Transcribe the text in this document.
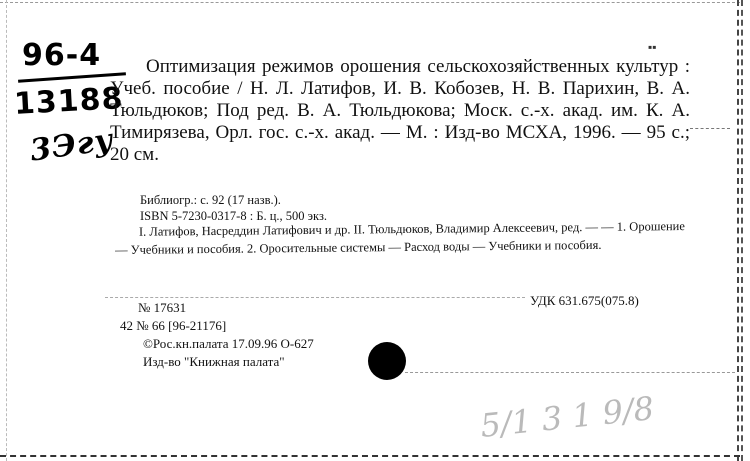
96-4
13188
3Эгу
Оптимизация режимов орошения сельскохозяйственных культур : Учеб. пособие / Н. Л. Латифов, И. В. Кобозев, Н. В. Парихин, В. А. Тюльдюков; Под ред. В. А. Тюльдюкова; Моск. с.-х. акад. им. К. А. Тимирязева, Орл. гос. с.-х. акад. — М. : Изд-во МСХА, 1996. — 95 с.; 20 см.
Библиогр.: с. 92 (17 назв.).
ISBN 5-7230-0317-8 : Б. ц., 500 экз.
I. Латифов, Насреддин Латифович и др. II. Тюльдюков, Владимир Алексеевич, ред. — — 1. Орошение — Учебники и пособия. 2. Оросительные системы — Расход воды — Учебники и пособия.
УДК 631.675(075.8)
№ 17631
42 № 66 [96-21176]
©Рос.кн.палата 17.09.96 О-627
Изд-во "Книжная палата"
5/1 3 1 9/8
▪▪
